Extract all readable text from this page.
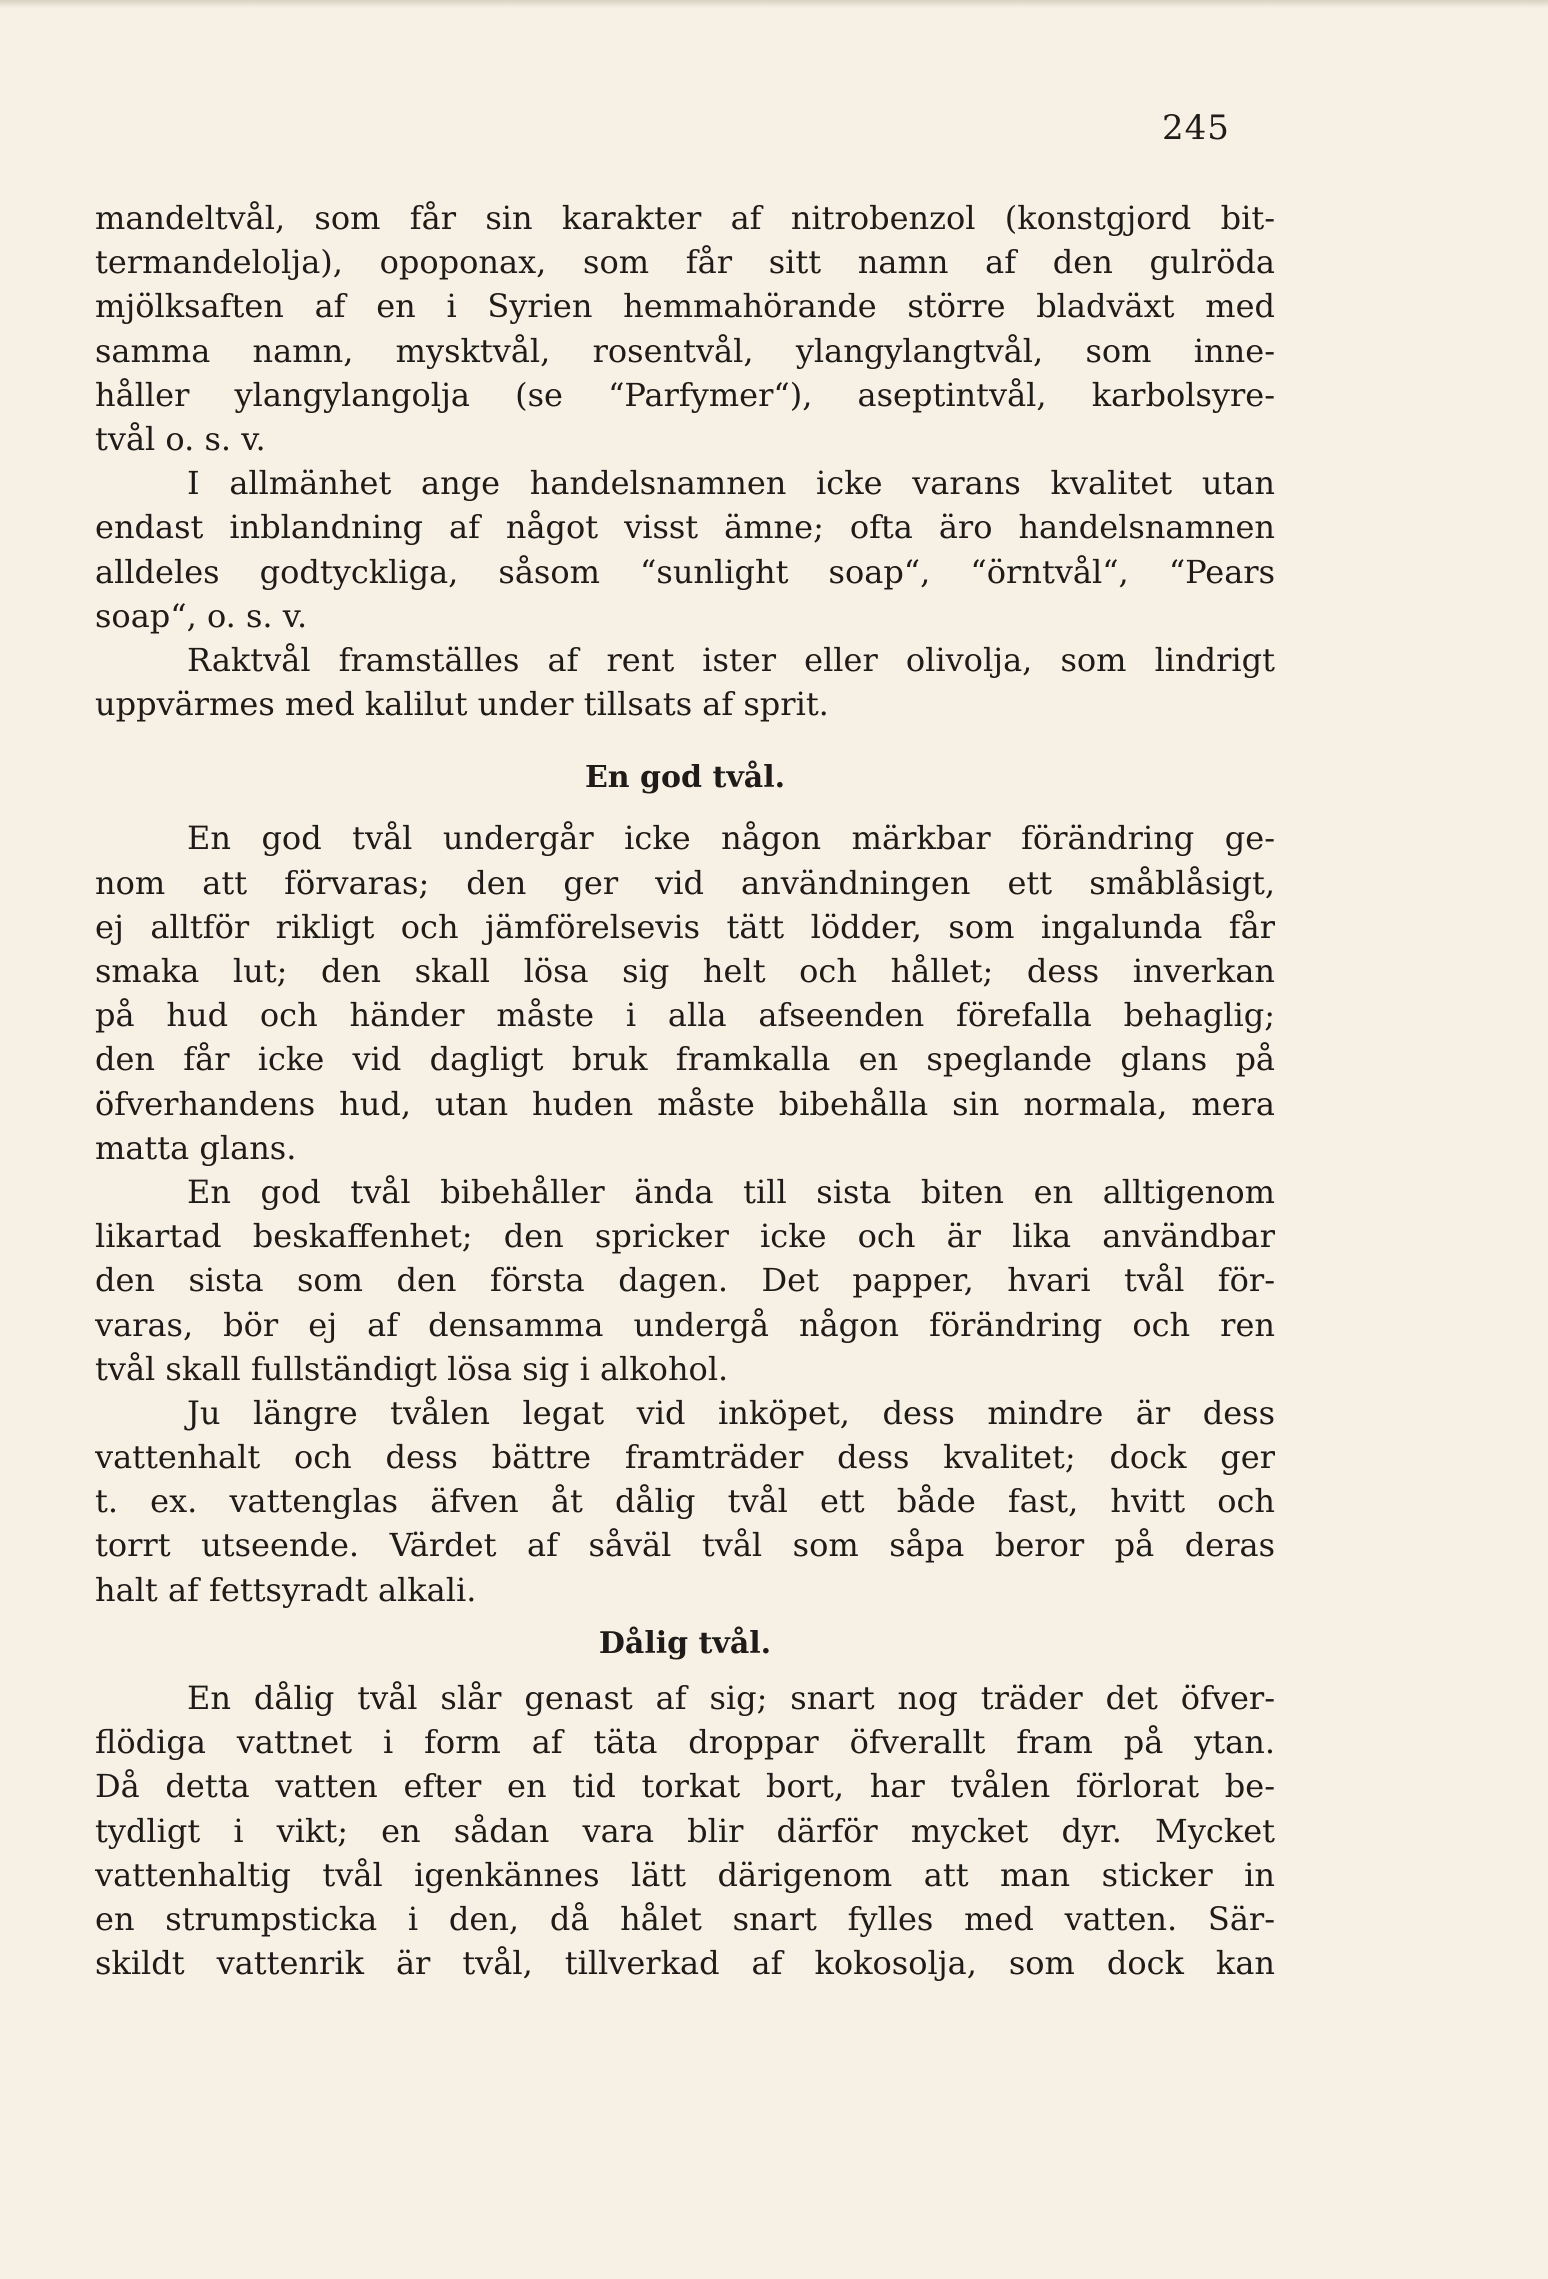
245
mandeltvål, som får sin karakter af nitrobenzol (konstgjord bit-
termandelolja), opoponax, som får sitt namn af den gulröda
mjölksaften af en i Syrien hemmahörande större bladväxt med
samma namn, mysktvål, rosentvål, ylangylangtvål, som inne-
håller ylangylangolja (se “Parfymer“), aseptintvål, karbolsyre-
tvål o. s. v.
I allmänhet ange handelsnamnen icke varans kvalitet utan
endast inblandning af något visst ämne; ofta äro handelsnamnen
alldeles godtyckliga, såsom “sunlight soap“, “örntvål“, “Pears
soap“, o. s. v.
Raktvål framställes af rent ister eller olivolja, som lindrigt
uppvärmes med kalilut under tillsats af sprit.
En god tvål.
En god tvål undergår icke någon märkbar förändring ge-
nom att förvaras; den ger vid användningen ett småblåsigt,
ej alltför rikligt och jämförelsevis tätt lödder, som ingalunda får
smaka lut; den skall lösa sig helt och hållet; dess inverkan
på hud och händer måste i alla afseenden förefalla behaglig;
den får icke vid dagligt bruk framkalla en speglande glans på
öfverhandens hud, utan huden måste bibehålla sin normala, mera
matta glans.
En god tvål bibehåller ända till sista biten en alltigenom
likartad beskaffenhet; den spricker icke och är lika användbar
den sista som den första dagen. Det papper, hvari tvål för-
varas, bör ej af densamma undergå någon förändring och ren
tvål skall fullständigt lösa sig i alkohol.
Ju längre tvålen legat vid inköpet, dess mindre är dess
vattenhalt och dess bättre framträder dess kvalitet; dock ger
t. ex. vattenglas äfven åt dålig tvål ett både fast, hvitt och
torrt utseende. Värdet af såväl tvål som såpa beror på deras
halt af fettsyradt alkali.
Dålig tvål.
En dålig tvål slår genast af sig; snart nog träder det öfver-
flödiga vattnet i form af täta droppar öfverallt fram på ytan.
Då detta vatten efter en tid torkat bort, har tvålen förlorat be-
tydligt i vikt; en sådan vara blir därför mycket dyr. Mycket
vattenhaltig tvål igenkännes lätt därigenom att man sticker in
en strumpsticka i den, då hålet snart fylles med vatten. Sär-
skildt vattenrik är tvål, tillverkad af kokosolja, som dock kan
